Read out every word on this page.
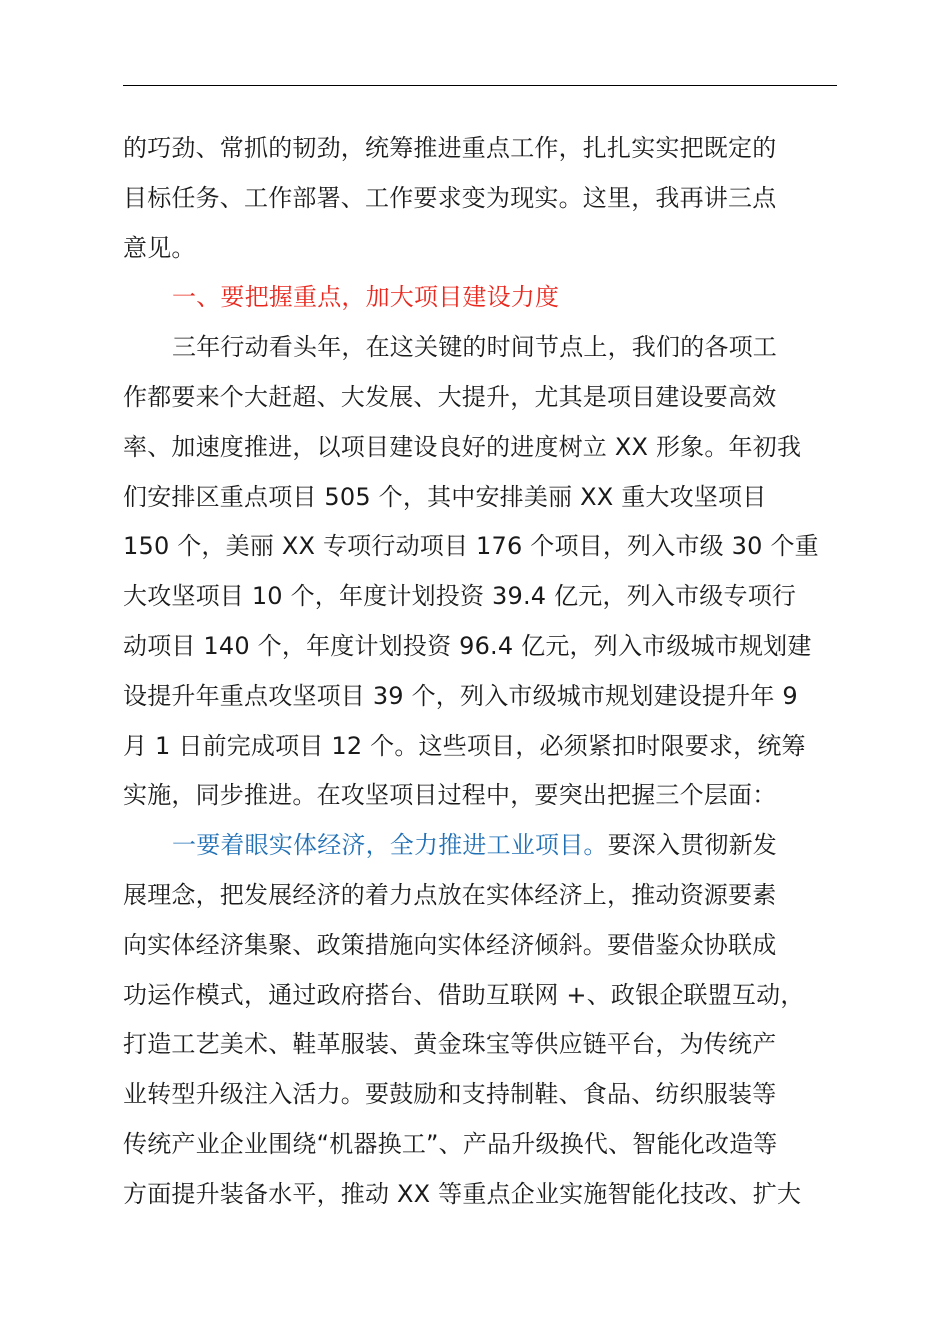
的巧劲、常抓的韧劲，统筹推进重点工作，扎扎实实把既定的
目标任务、工作部署、工作要求变为现实。这里，我再讲三点
意见。
一、要把握重点，加大项目建设力度
三年行动看头年，在这关键的时间节点上，我们的各项工
作都要来个大赶超、大发展、大提升，尤其是项目建设要高效
率、加速度推进，以项目建设良好的进度树立 XX 形象。年初我
们安排区重点项目 505 个，其中安排美丽 XX 重大攻坚项目
150 个，美丽 XX 专项行动项目 176 个项目，列入市级 30 个重
大攻坚项目 10 个，年度计划投资 39.4 亿元，列入市级专项行
动项目 140 个，年度计划投资 96.4 亿元，列入市级城市规划建
设提升年重点攻坚项目 39 个，列入市级城市规划建设提升年 9
月 1 日前完成项目 12 个。这些项目，必须紧扣时限要求，统筹
实施，同步推进。在攻坚项目过程中，要突出把握三个层面：
一要着眼实体经济，全力推进工业项目。要深入贯彻新发
展理念，把发展经济的着力点放在实体经济上，推动资源要素
向实体经济集聚、政策措施向实体经济倾斜。要借鉴众协联成
功运作模式，通过政府搭台、借助互联网 +、政银企联盟互动，
打造工艺美术、鞋革服装、黄金珠宝等供应链平台，为传统产
业转型升级注入活力。要鼓励和支持制鞋、食品、纺织服装等
传统产业企业围绕“机器换工”、产品升级换代、智能化改造等
方面提升装备水平，推动 XX 等重点企业实施智能化技改、扩大
